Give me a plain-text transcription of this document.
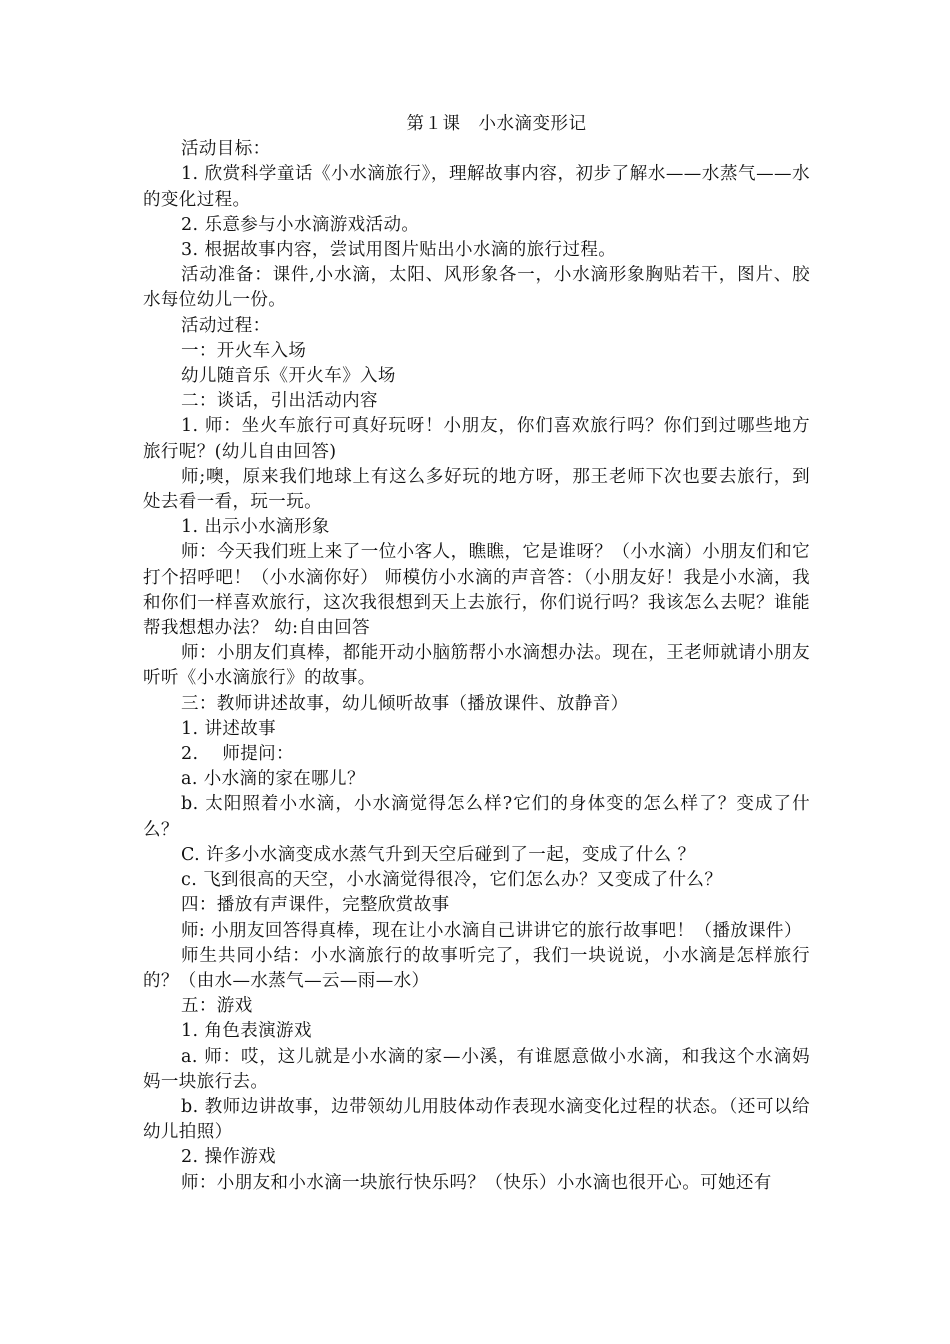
第１课　小水滴变形记
活动目标：
1. 欣赏科学童话《小水滴旅行》，理解故事内容，初步了解水——水蒸气——水的变化过程。
2. 乐意参与小水滴游戏活动。
3. 根据故事内容，尝试用图片贴出小水滴的旅行过程。
活动准备：课件,小水滴，太阳、风形象各一，小水滴形象胸贴若干，图片、胶水每位幼儿一份。
活动过程：
一：开火车入场
幼儿随音乐《开火车》入场
二：谈话，引出活动内容
1. 师：坐火车旅行可真好玩呀！小朋友，你们喜欢旅行吗？你们到过哪些地方旅行呢？(幼儿自由回答)
师;噢，原来我们地球上有这么多好玩的地方呀，那王老师下次也要去旅行，到处去看一看，玩一玩。
1. 出示小水滴形象
师：今天我们班上来了一位小客人，瞧瞧，它是谁呀？（小水滴）小朋友们和它打个招呼吧！（小水滴你好） 师模仿小水滴的声音答：（小朋友好！我是小水滴，我和你们一样喜欢旅行，这次我很想到天上去旅行，你们说行吗？我该怎么去呢？谁能帮我想想办法？ 幼:自由回答
师：小朋友们真棒，都能开动小脑筋帮小水滴想办法。现在，王老师就请小朋友听听《小水滴旅行》的故事。
三：教师讲述故事，幼儿倾听故事（播放课件、放静音）
1. 讲述故事
2.　 师提问：
a. 小水滴的家在哪儿？
b. 太阳照着小水滴，小水滴觉得怎么样?它们的身体变的怎么样了？变成了什么？
C. 许多小水滴变成水蒸气升到天空后碰到了一起，变成了什么 ？
c. 飞到很高的天空，小水滴觉得很冷，它们怎么办？又变成了什么？
四：播放有声课件，完整欣赏故事
师: 小朋友回答得真棒，现在让小水滴自己讲讲它的旅行故事吧！（播放课件）
师生共同小结：小水滴旅行的故事听完了，我们一块说说，小水滴是怎样旅行的？（由水—水蒸气—云—雨—水）
五：游戏
1. 角色表演游戏
a. 师：哎，这儿就是小水滴的家—小溪，有谁愿意做小水滴，和我这个水滴妈妈一块旅行去。
b. 教师边讲故事，边带领幼儿用肢体动作表现水滴变化过程的状态。（还可以给幼儿拍照）
2. 操作游戏
师：小朋友和小水滴一块旅行快乐吗？（快乐）小水滴也很开心。可她还有
